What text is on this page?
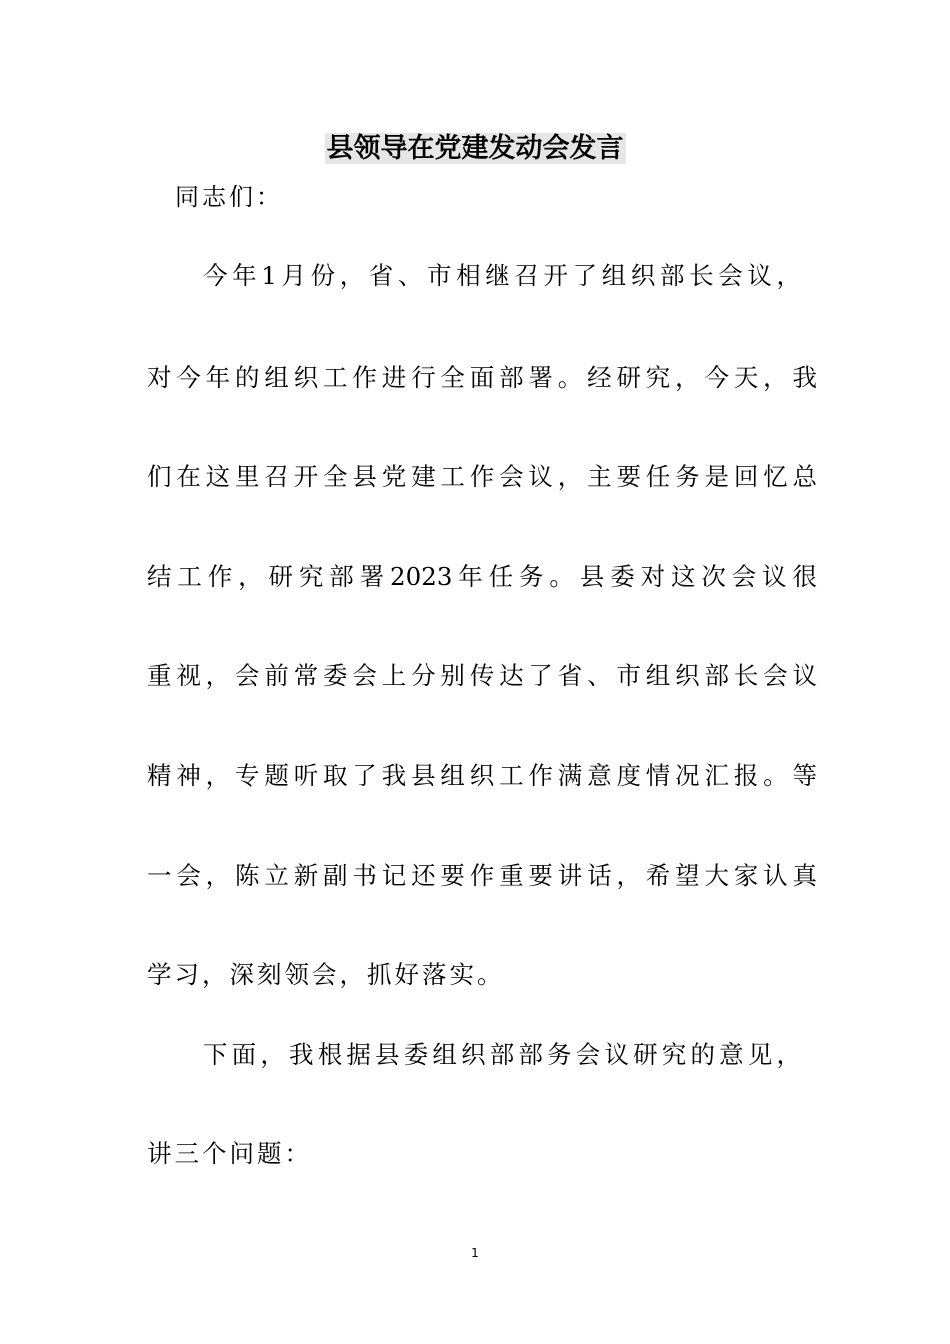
县领导在党建发动会发言
同志们：
今年1月份，省、市相继召开了组织部长会议，
对今年的组织工作进行全面部署。经研究，今天，我
们在这里召开全县党建工作会议，主要任务是回忆总
结工作，研究部署2023年任务。县委对这次会议很
重视，会前常委会上分别传达了省、市组织部长会议
精神，专题听取了我县组织工作满意度情况汇报。等
一会，陈立新副书记还要作重要讲话，希望大家认真
学习，深刻领会，抓好落实。
下面，我根据县委组织部部务会议研究的意见，
讲三个问题：
1
